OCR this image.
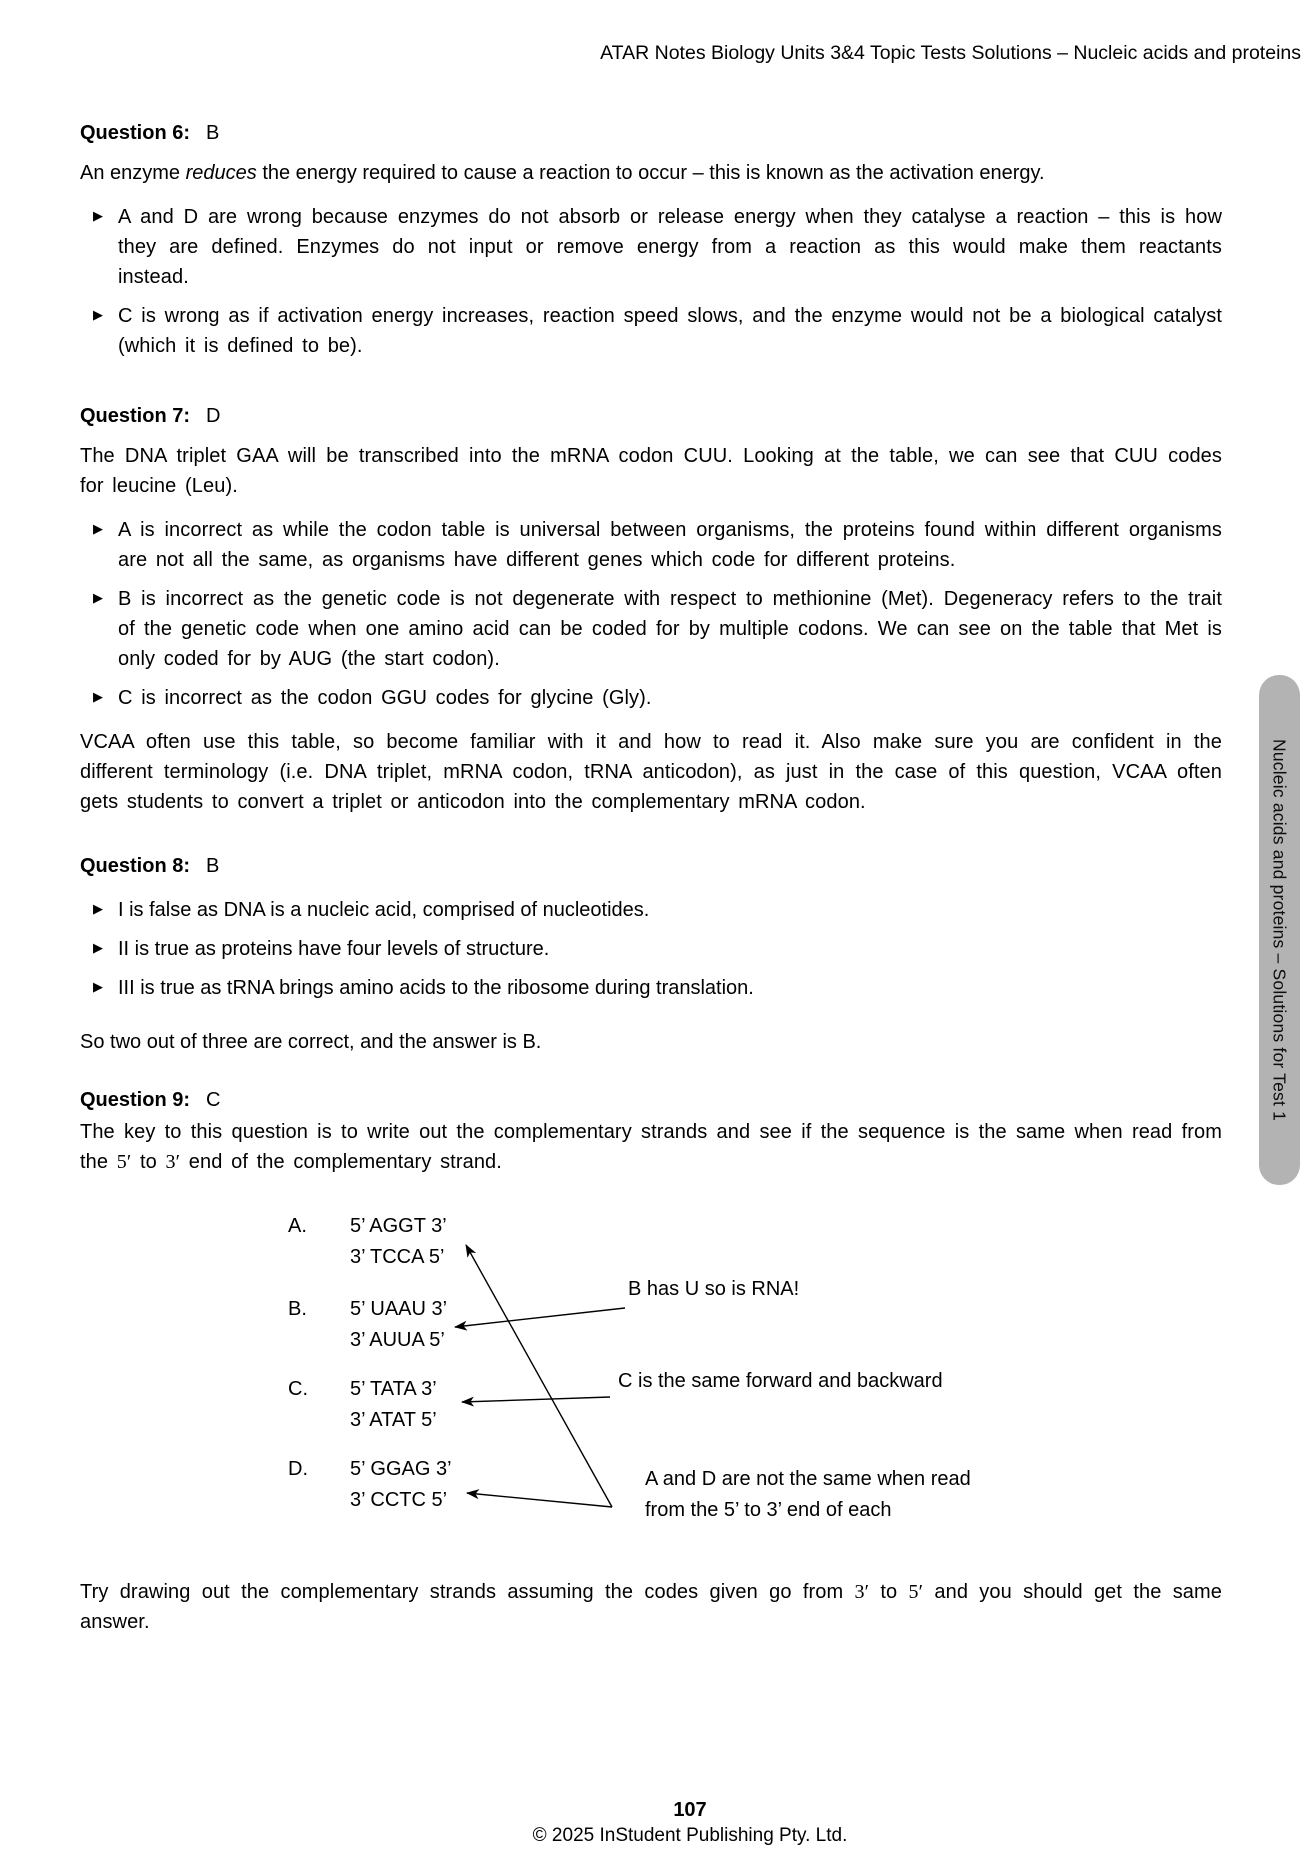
ATAR Notes Biology Units 3&4 Topic Tests Solutions – Nucleic acids and proteins
Nucleic acids and proteins – Solutions for Test 1

Question 6: B

An enzyme reduces the energy required to cause a reaction to occur – this is known as the activation energy.

▶ A and D are wrong because enzymes do not absorb or release energy when they catalyse a reaction – this is how they are defined. Enzymes do not input or remove energy from a reaction as this would make them reactants instead.
▶ C is wrong as if activation energy increases, reaction speed slows, and the enzyme would not be a biological catalyst (which it is defined to be).

Question 7: D

The DNA triplet GAA will be transcribed into the mRNA codon CUU. Looking at the table, we can see that CUU codes for leucine (Leu).

▶ A is incorrect as while the codon table is universal between organisms, the proteins found within different organisms are not all the same, as organisms have different genes which code for different proteins.
▶ B is incorrect as the genetic code is not degenerate with respect to methionine (Met). Degeneracy refers to the trait of the genetic code when one amino acid can be coded for by multiple codons. We can see on the table that Met is only coded for by AUG (the start codon).
▶ C is incorrect as the codon GGU codes for glycine (Gly).

VCAA often use this table, so become familiar with it and how to read it. Also make sure you are confident in the different terminology (i.e. DNA triplet, mRNA codon, tRNA anticodon), as just in the case of this question, VCAA often gets students to convert a triplet or anticodon into the complementary mRNA codon.

Question 8: B

▶ I is false as DNA is a nucleic acid, comprised of nucleotides.
▶ II is true as proteins have four levels of structure.
▶ III is true as tRNA brings amino acids to the ribosome during translation.

So two out of three are correct, and the answer is B.

Question 9: C

The key to this question is to write out the complementary strands and see if the sequence is the same when read from the 5′ to 3′ end of the complementary strand.

A.	5’ AGGT 3’
3’ TCCA 5’
B.	5’ UAAU 3’
3’ AUUA 5’
C.	5’ TATA 3’
3’ ATAT 5’
D.	5’ GGAG 3’
3’ CCTC 5’
B has U so is RNA!
C is the same forward and backward
A and D are not the same when read from the 5’ to 3’ end of each

Try drawing out the complementary strands assuming the codes given go from 3′ to 5′ and you should get the same answer.

107
© 2025 InStudent Publishing Pty. Ltd.
